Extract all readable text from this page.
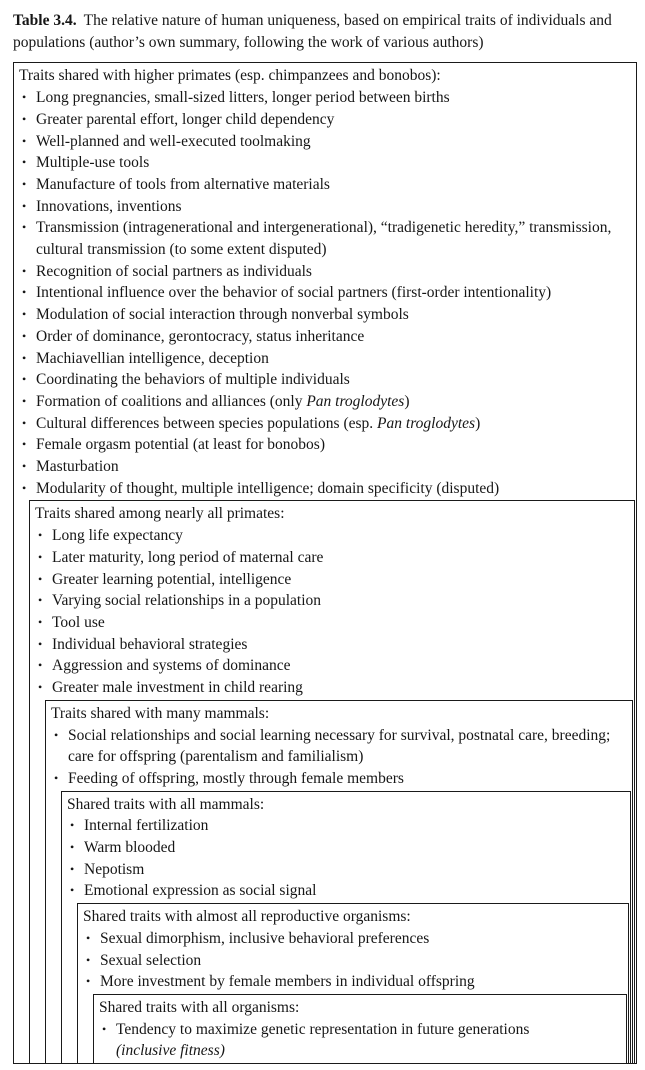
Table 3.4. The relative nature of human uniqueness, based on empirical traits of individuals and populations (author’s own summary, following the work of various authors)

Traits shared with higher primates (esp. chimpanzees and bonobos):
• Long pregnancies, small-sized litters, longer period between births
• Greater parental effort, longer child dependency
• Well-planned and well-executed toolmaking
• Multiple-use tools
• Manufacture of tools from alternative materials
• Innovations, inventions
• Transmission (intragenerational and intergenerational), “tradigenetic heredity,” transmission, cultural transmission (to some extent disputed)
• Recognition of social partners as individuals
• Intentional influence over the behavior of social partners (first-order intentionality)
• Modulation of social interaction through nonverbal symbols
• Order of dominance, gerontocracy, status inheritance
• Machiavellian intelligence, deception
• Coordinating the behaviors of multiple individuals
• Formation of coalitions and alliances (only Pan troglodytes)
• Cultural differences between species populations (esp. Pan troglodytes)
• Female orgasm potential (at least for bonobos)
• Masturbation
• Modularity of thought, multiple intelligence; domain specificity (disputed)
Traits shared among nearly all primates:
• Long life expectancy
• Later maturity, long period of maternal care
• Greater learning potential, intelligence
• Varying social relationships in a population
• Tool use
• Individual behavioral strategies
• Aggression and systems of dominance
• Greater male investment in child rearing
Traits shared with many mammals:
• Social relationships and social learning necessary for survival, postnatal care, breeding; care for offspring (parentalism and familialism)
• Feeding of offspring, mostly through female members
Shared traits with all mammals:
• Internal fertilization
• Warm blooded
• Nepotism
• Emotional expression as social signal
Shared traits with almost all reproductive organisms:
• Sexual dimorphism, inclusive behavioral preferences
• Sexual selection
• More investment by female members in individual offspring
Shared traits with all organisms:
• Tendency to maximize genetic representation in future generations (inclusive fitness)
